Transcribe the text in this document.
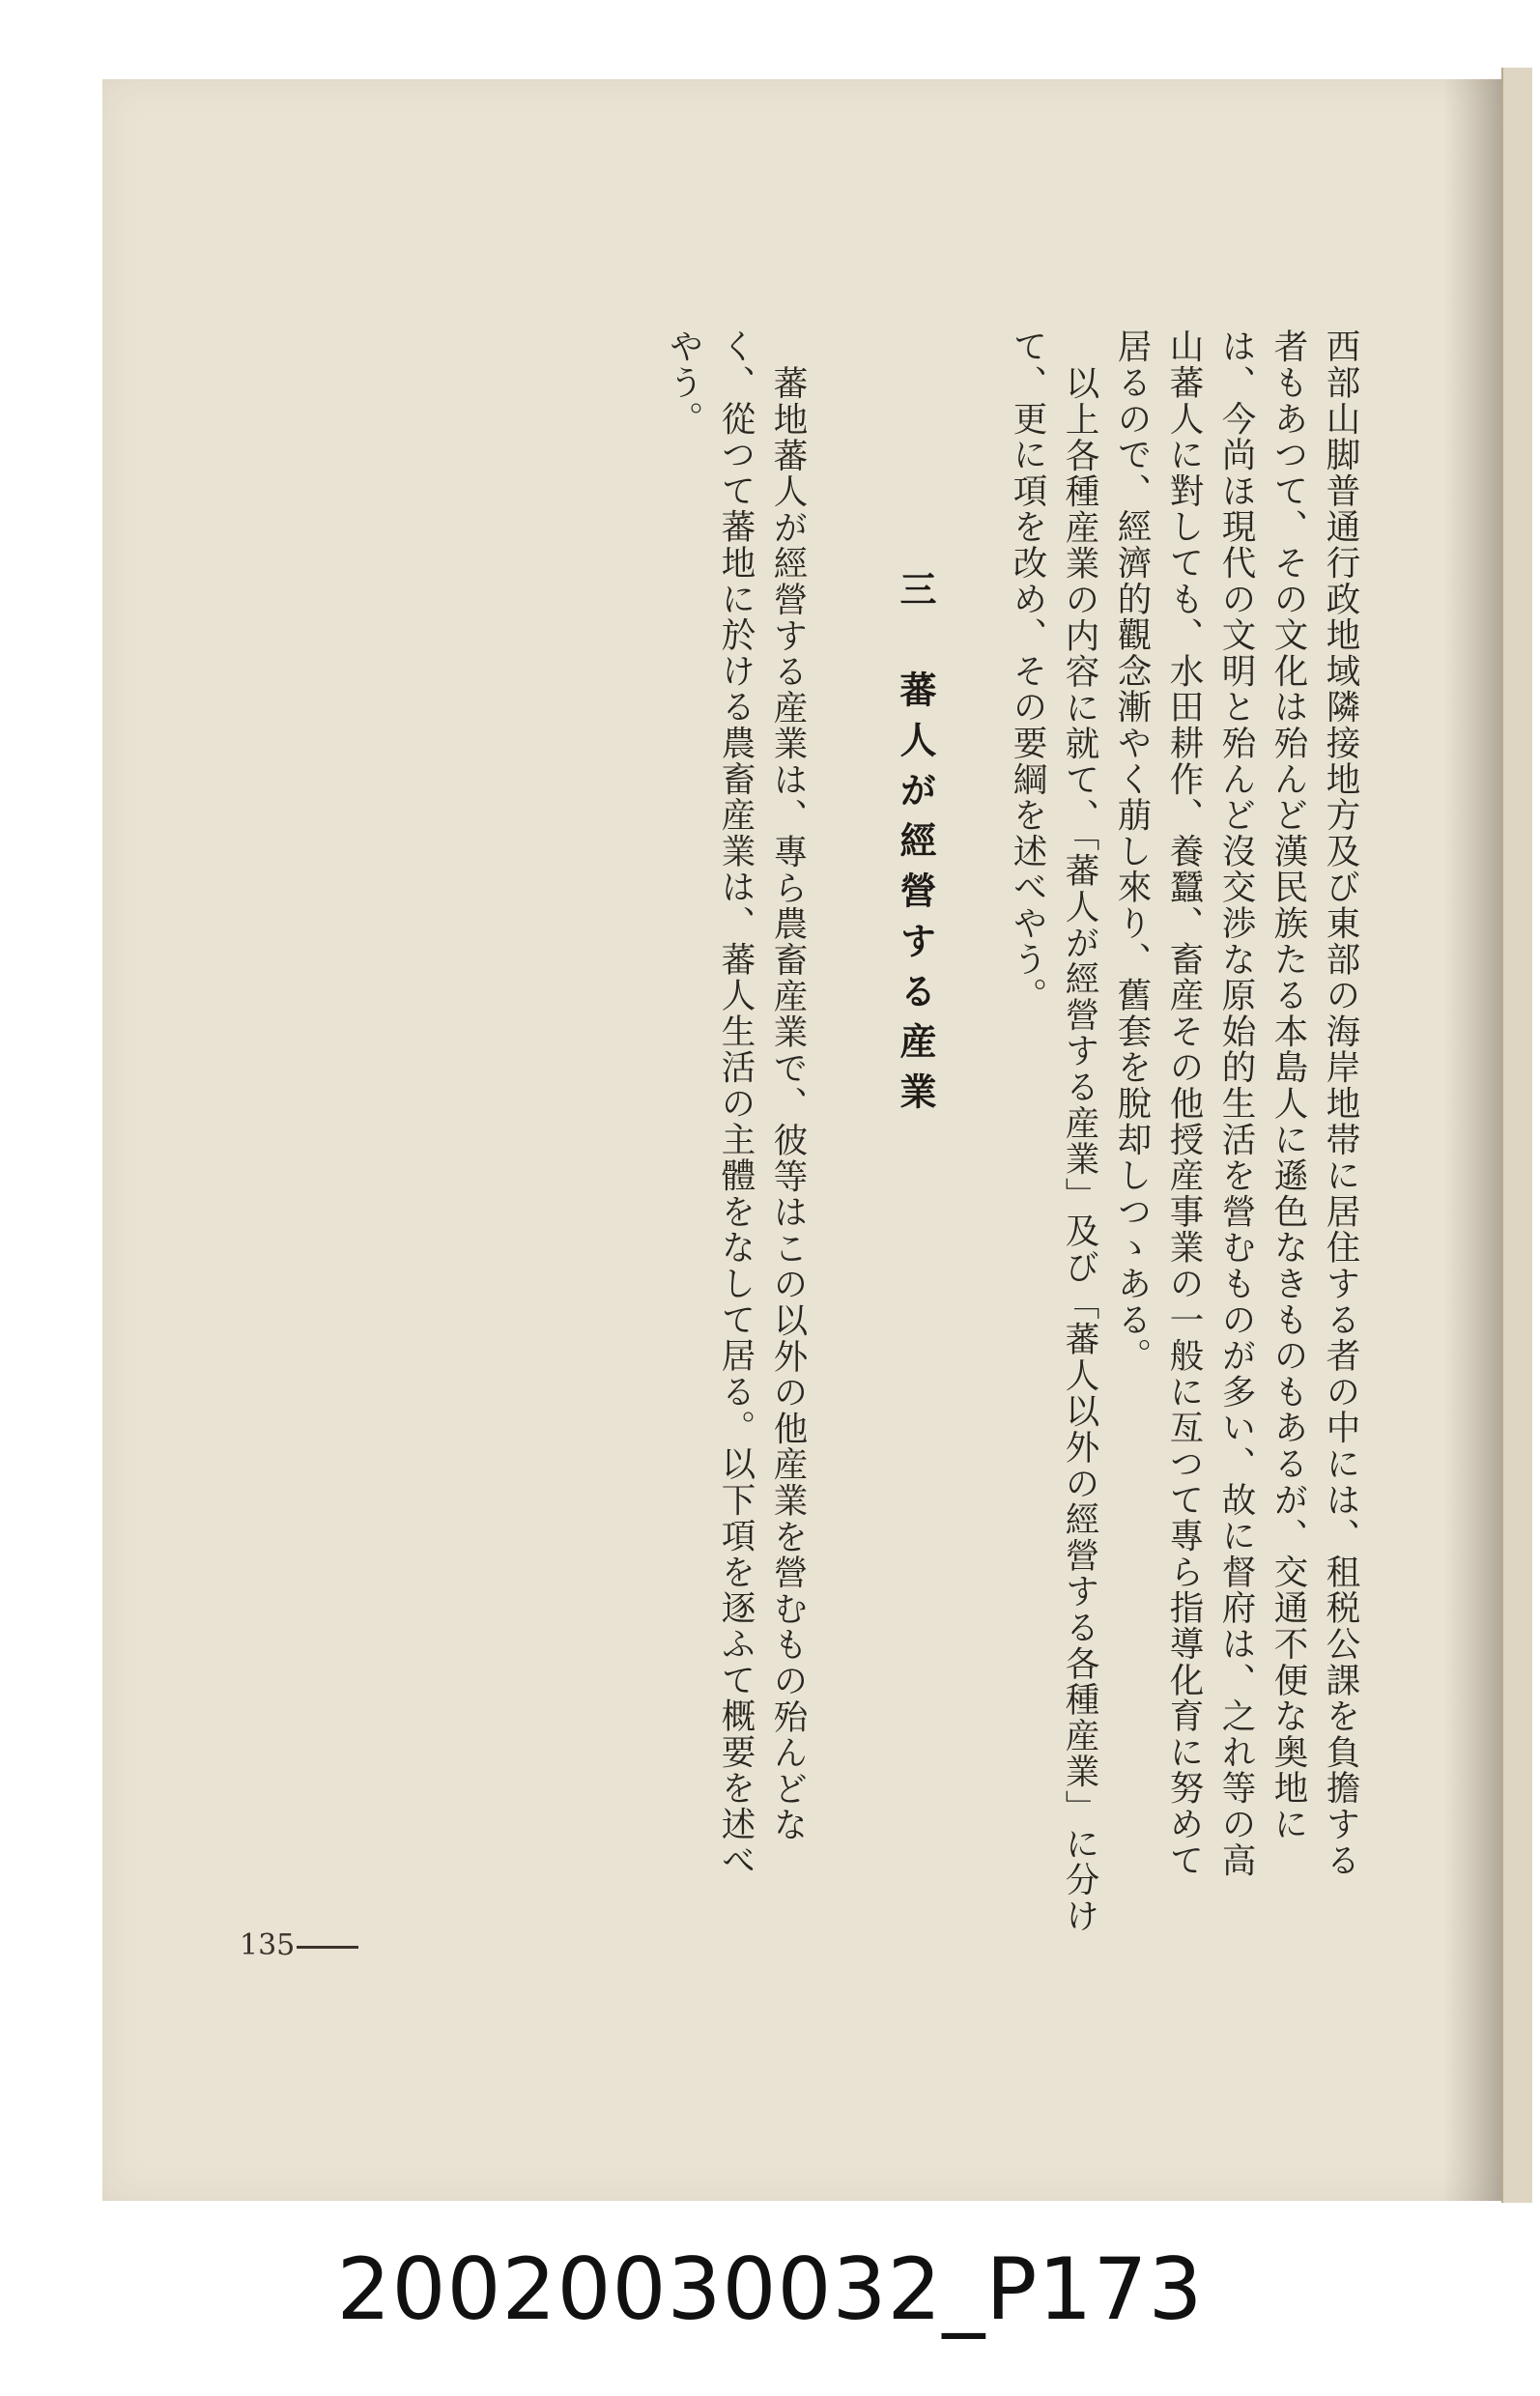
西部山脚普通行政地域隣接地方及び東部の海岸地帯に居住する者の中には、租税公課を負擔する

者もあつて、その文化は殆んど漢民族たる本島人に遜色なきものもあるが、交通不便な奥地に

は、今尚ほ現代の文明と殆んど沒交渉な原始的生活を營むものが多い、故に督府は、之れ等の高

山蕃人に對しても、水田耕作、養蠶、畜産その他授産事業の一般に亙つて專ら指導化育に努めて

居るので、經濟的觀念漸やく萠し來り、舊套を脫却しつゝある。

以上各種産業の内容に就て、「蕃人が經營する産業」及び「蕃人以外の經營する各種産業」に分け

て、更に項を改め、その要綱を述べやう。

三　蕃人が經營する産業

蕃地蕃人が經營する産業は、專ら農畜産業で、彼等はこの以外の他産業を營むもの殆んどな

く、從つて蕃地に於ける農畜産業は、蕃人生活の主體をなして居る。以下項を逐ふて概要を述べ

やう。

135
20020030032_P173
